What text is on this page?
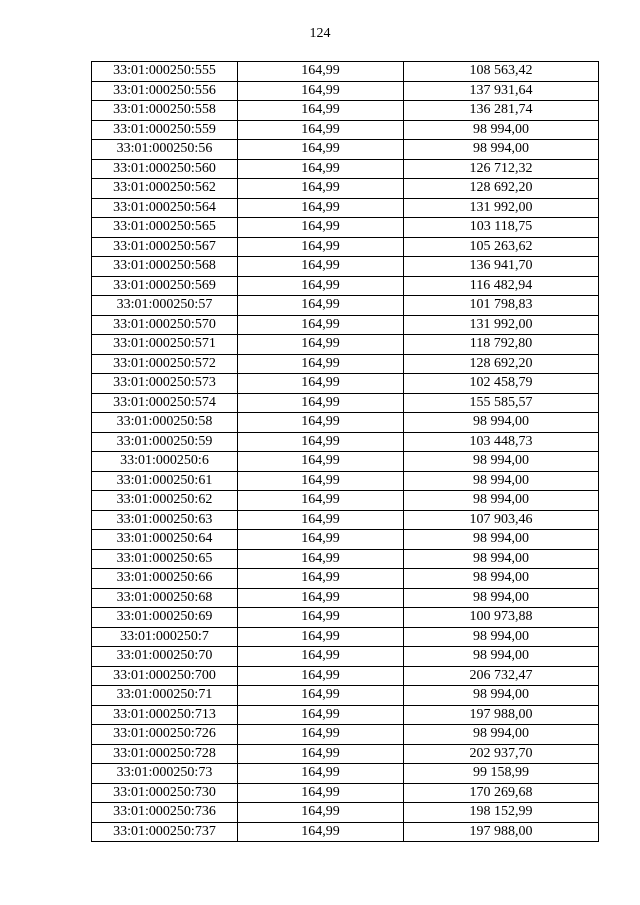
124
33:01:000250:555	164,99	108 563,42
33:01:000250:556	164,99	137 931,64
33:01:000250:558	164,99	136 281,74
33:01:000250:559	164,99	98 994,00
33:01:000250:56	164,99	98 994,00
33:01:000250:560	164,99	126 712,32
33:01:000250:562	164,99	128 692,20
33:01:000250:564	164,99	131 992,00
33:01:000250:565	164,99	103 118,75
33:01:000250:567	164,99	105 263,62
33:01:000250:568	164,99	136 941,70
33:01:000250:569	164,99	116 482,94
33:01:000250:57	164,99	101 798,83
33:01:000250:570	164,99	131 992,00
33:01:000250:571	164,99	118 792,80
33:01:000250:572	164,99	128 692,20
33:01:000250:573	164,99	102 458,79
33:01:000250:574	164,99	155 585,57
33:01:000250:58	164,99	98 994,00
33:01:000250:59	164,99	103 448,73
33:01:000250:6	164,99	98 994,00
33:01:000250:61	164,99	98 994,00
33:01:000250:62	164,99	98 994,00
33:01:000250:63	164,99	107 903,46
33:01:000250:64	164,99	98 994,00
33:01:000250:65	164,99	98 994,00
33:01:000250:66	164,99	98 994,00
33:01:000250:68	164,99	98 994,00
33:01:000250:69	164,99	100 973,88
33:01:000250:7	164,99	98 994,00
33:01:000250:70	164,99	98 994,00
33:01:000250:700	164,99	206 732,47
33:01:000250:71	164,99	98 994,00
33:01:000250:713	164,99	197 988,00
33:01:000250:726	164,99	98 994,00
33:01:000250:728	164,99	202 937,70
33:01:000250:73	164,99	99 158,99
33:01:000250:730	164,99	170 269,68
33:01:000250:736	164,99	198 152,99
33:01:000250:737	164,99	197 988,00
